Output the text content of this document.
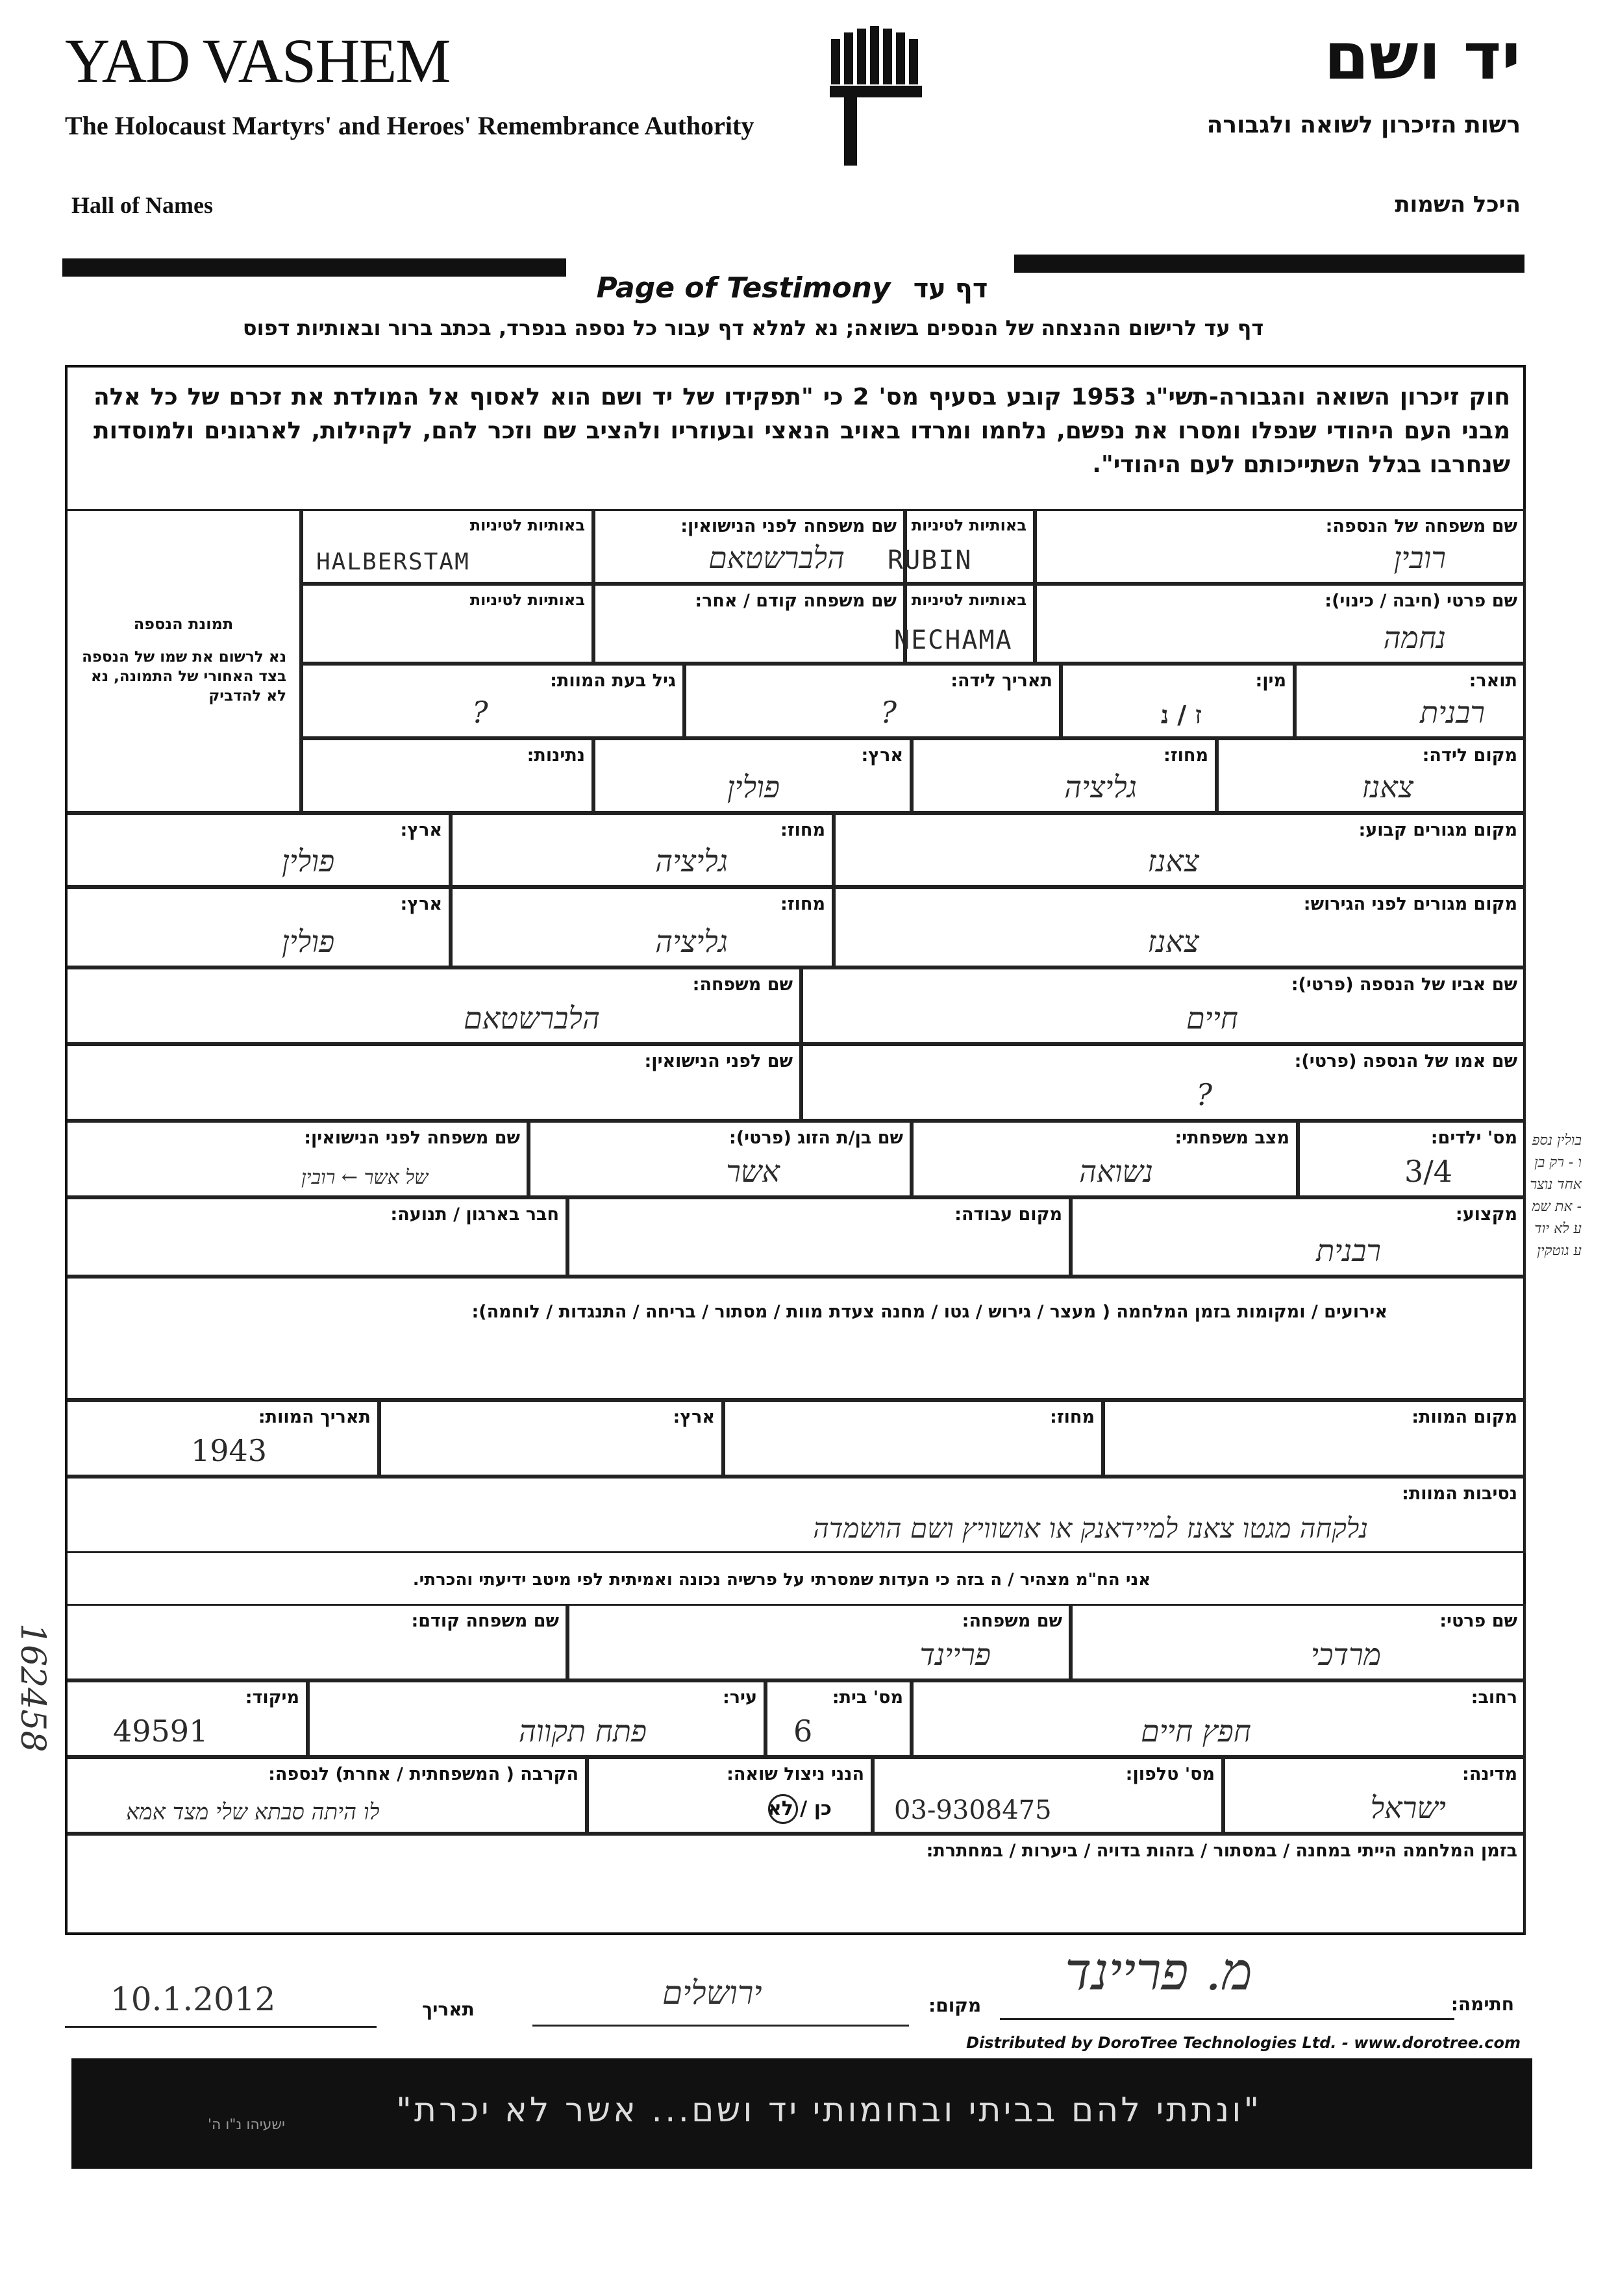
YAD VASHEM
The Holocaust Martyrs' and Heroes' Remembrance Authority
Hall of Names
יד ושם
רשות הזיכרון לשואה ולגבורה
היכל השמות
Page of Testimony דף עד
דף עד לרישום ההנצחה של הנספים בשואה; נא למלא דף עבור כל נספה בנפרד, בכתב ברור ובאותיות דפוס
חוק זיכרון השואה והגבורה-תשי"ג 1953 קובע בסעיף מס' 2 כי "תפקידו של יד ושם הוא לאסוף אל המולדת את זכרם של כל אלה מבני העם היהודי שנפלו ומסרו את נפשם, נלחמו ומרדו באויב הנאצי ובעוזריו ולהציב שם וזכר להם, לקהילות, לארגונים ולמוסדות שנחרבו בגלל השתייכותם לעם היהודי".
תמונת הנספה
נא לרשום את שמו של הנספה בצד האחורי של התמונה, נא לא להדביק
שם משפחה של הנספה:
רובין
באותיות לטיניות
RUBIN
שם משפחה לפני הנישואין:
הלברשטאם
באותיות לטיניות
HALBERSTAM
שם פרטי (חיבה / כינוי):
נחמה
באותיות לטיניות
NECHAMA
שם משפחה קודם / אחר:
באותיות לטיניות
תואר:
רבנית
מין:
ז / נ
תאריך לידה:
?
גיל בעת המוות:
?
מקום לידה:
צאנז
מחוז:
גליציה
ארץ:
פולין
נתינות:
מקום מגורים קבוע:
צאנז
מחוז:
גליציה
ארץ:
פולין
מקום מגורים לפני הגירוש:
צאנז
מחוז:
גליציה
ארץ:
פולין
שם אביו של הנספה (פרטי):
חיים
שם משפחה:
הלברשטאם
שם אמו של הנספה (פרטי):
?
שם לפני הנישואין:
מס' ילדים:
3/4
מצב משפחתי:
נשואה
שם בן/ת הזוג (פרטי):
אשר
שם משפחה לפני הנישואין:
של אשר ← רובין
מקצוע:
רבנית
מקום עבודה:
חבר בארגון / תנועה:
אירועים / ומקומות בזמן המלחמה ( מעצר / גירוש / גטו / מחנה צעדת מוות / מסתור / בריחה / התנגדות / לוחמה):
מקום המוות:
מחוז:
ארץ:
תאריך המוות:
1943
נסיבות המוות:
נלקחה מגטו צאנז למיידאנק או אושוויץ ושם הושמדה
אני הח"מ מצהיר / ה בזה כי העדות שמסרתי על פרשיה נכונה ואמיתית לפי מיטב ידיעתי והכרתי.
שם פרטי:
מרדכי
שם משפחה:
פריינד
שם משפחה קודם:
רחוב:
חפץ חיים
מס' בית:
6
עיר:
פתח תקווה
מיקוד:
49591
מדינה:
ישראל
מס' טלפון:
03-9308475
הנני ניצול שואה:
כן / לא
הקרבה ( המשפחתית / אחרת) לנספה:
לו היתה סבתא שלי מצד אמא
בזמן המלחמה הייתי במחנה / במסתור / בזהות בדויה / ביערות / במחתרת:
בולין נספו - רק בן אחד נוצר - את שמע לא יודע גוטקין
162458
חתימה:
מ. פריינד
מקום:
ירושלים
תאריך
10.1.2012
Distributed by DoroTree Technologies Ltd. - www.dorotree.com
"ונתתי להם בביתי ובחומותי יד ושם... אשר לא יכרת"
ישעיהו נ"ו ה'
